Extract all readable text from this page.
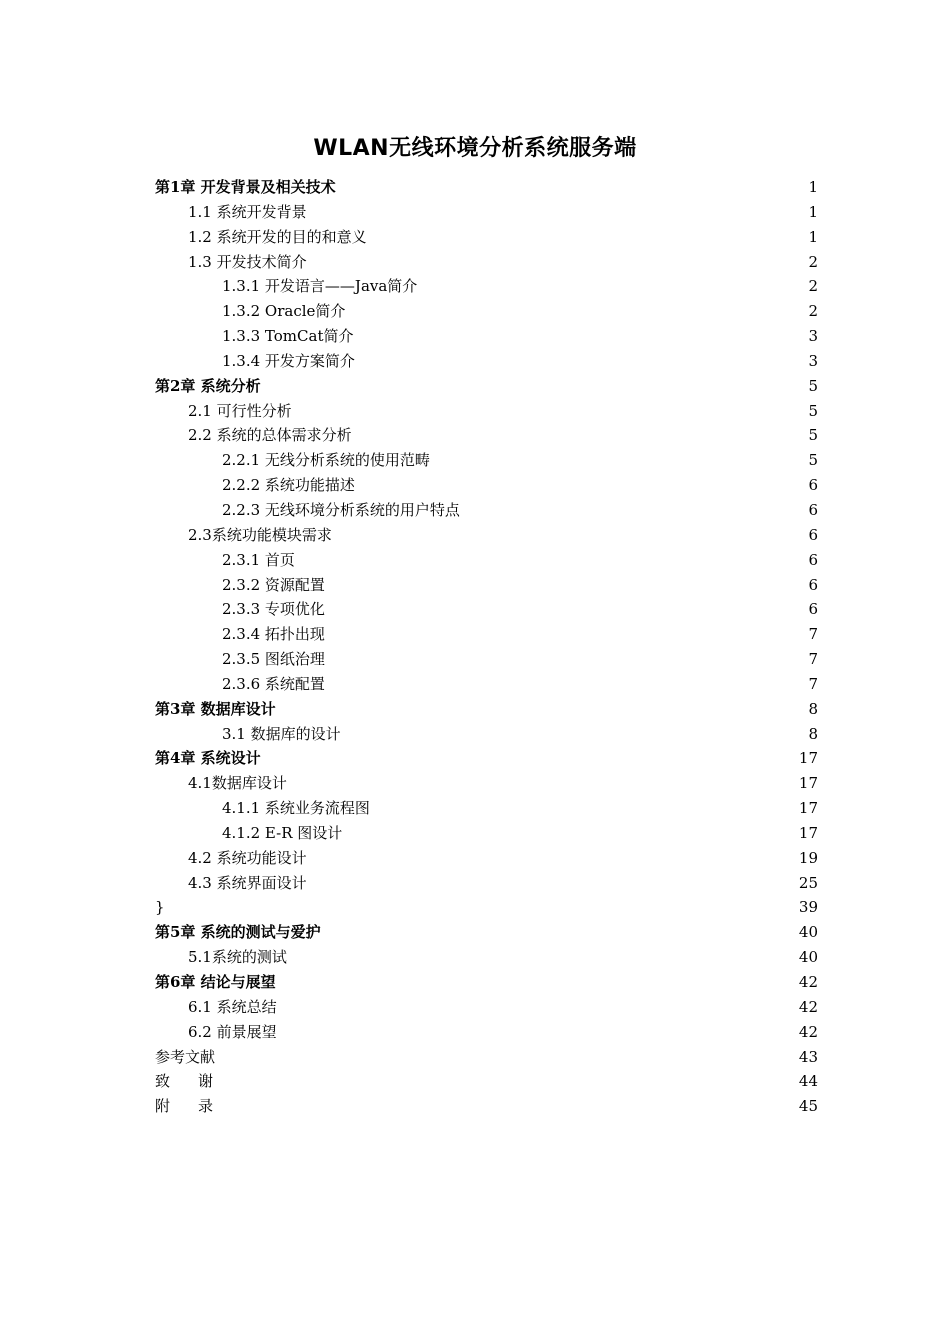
WLAN无线环境分析系统服务端
第1章 开发背景及相关技术	1
1.1 系统开发背景	1
1.2 系统开发的目的和意义	1
1.3 开发技术简介	2
1.3.1 开发语言——Java简介	2
1.3.2 Oracle简介	2
1.3.3 TomCat简介	3
1.3.4 开发方案简介	3
第2章 系统分析	5
2.1 可行性分析	5
2.2 系统的总体需求分析	5
2.2.1 无线分析系统的使用范畴	5
2.2.2 系统功能描述	6
2.2.3 无线环境分析系统的用户特点	6
2.3系统功能模块需求	6
2.3.1 首页	6
2.3.2 资源配置	6
2.3.3 专项优化	6
2.3.4 拓扑出现	7
2.3.5 图纸治理	7
2.3.6 系统配置	7
第3章 数据库设计	8
3.1 数据库的设计	8
第4章 系统设计	17
4.1数据库设计	17
4.1.1 系统业务流程图	17
4.1.2 E-R 图设计	17
4.2 系统功能设计	19
4.3 系统界面设计	25
}	39
第5章 系统的测试与爱护	40
5.1系统的测试	40
第6章 结论与展望	42
6.1 系统总结	42
6.2 前景展望	42
参考文献	43
致谢	44
附录	45
